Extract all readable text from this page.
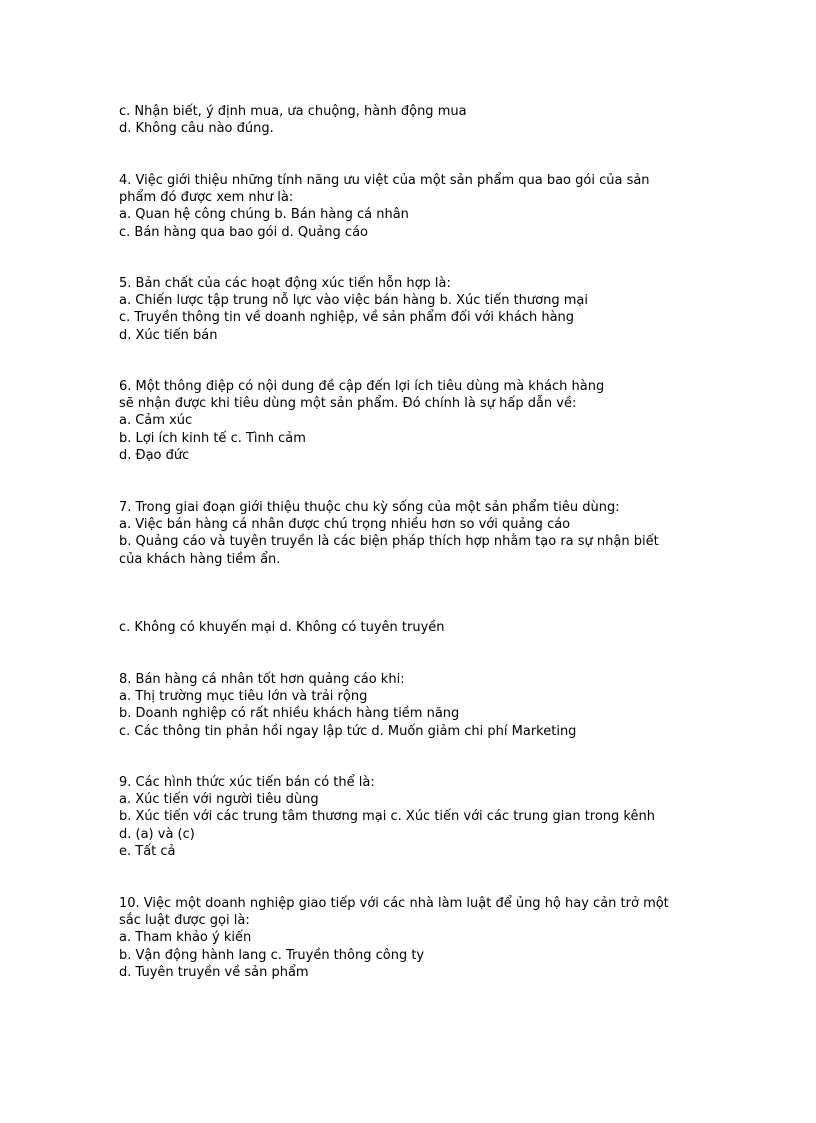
c. Nhận biết, ý định mua, ưa chuộng, hành động mua
d. Không câu nào đúng.
4. Việc giới thiệu những tính năng ưu việt của một sản phẩm qua bao gói của sản
phẩm đó được xem như là:
a. Quan hệ công chúng b. Bán hàng cá nhân
c. Bán hàng qua bao gói d. Quảng cáo
5. Bản chất của các hoạt động xúc tiến hỗn hợp là:
a. Chiến lược tập trung nỗ lực vào việc bán hàng b. Xúc tiến thương mại
c. Truyền thông tin về doanh nghiệp, về sản phẩm đối với khách hàng
d. Xúc tiến bán
6. Một thông điệp có nội dung đề cập đến lợi ích tiêu dùng mà khách hàng
sẽ nhận được khi tiêu dùng một sản phẩm. Đó chính là sự hấp dẫn về:
a. Cảm xúc
b. Lợi ích kinh tế c. Tình cảm
d. Đạo đức
7. Trong giai đoạn giới thiệu thuộc chu kỳ sống của một sản phẩm tiêu dùng:
a. Việc bán hàng cá nhân được chú trọng nhiều hơn so với quảng cáo
b. Quảng cáo và tuyên truyền là các biện pháp thích hợp nhằm tạo ra sự nhận biết
của khách hàng tiềm ẩn.
c. Không có khuyến mại d. Không có tuyên truyền
8. Bán hàng cá nhân tốt hơn quảng cáo khi:
a. Thị trường mục tiêu lớn và trải rộng
b. Doanh nghiệp có rất nhiều khách hàng tiềm năng
c. Các thông tin phản hồi ngay lập tức d. Muốn giảm chi phí Marketing
9. Các hình thức xúc tiến bán có thể là:
a. Xúc tiến với người tiêu dùng
b. Xúc tiến với các trung tâm thương mại c. Xúc tiến với các trung gian trong kênh
d. (a) và (c)
e. Tất cả
10. Việc một doanh nghiệp giao tiếp với các nhà làm luật để ủng hộ hay cản trở một
sắc luật được gọi là:
a. Tham khảo ý kiến
b. Vận động hành lang c. Truyền thông công ty
d. Tuyên truyền về sản phẩm
